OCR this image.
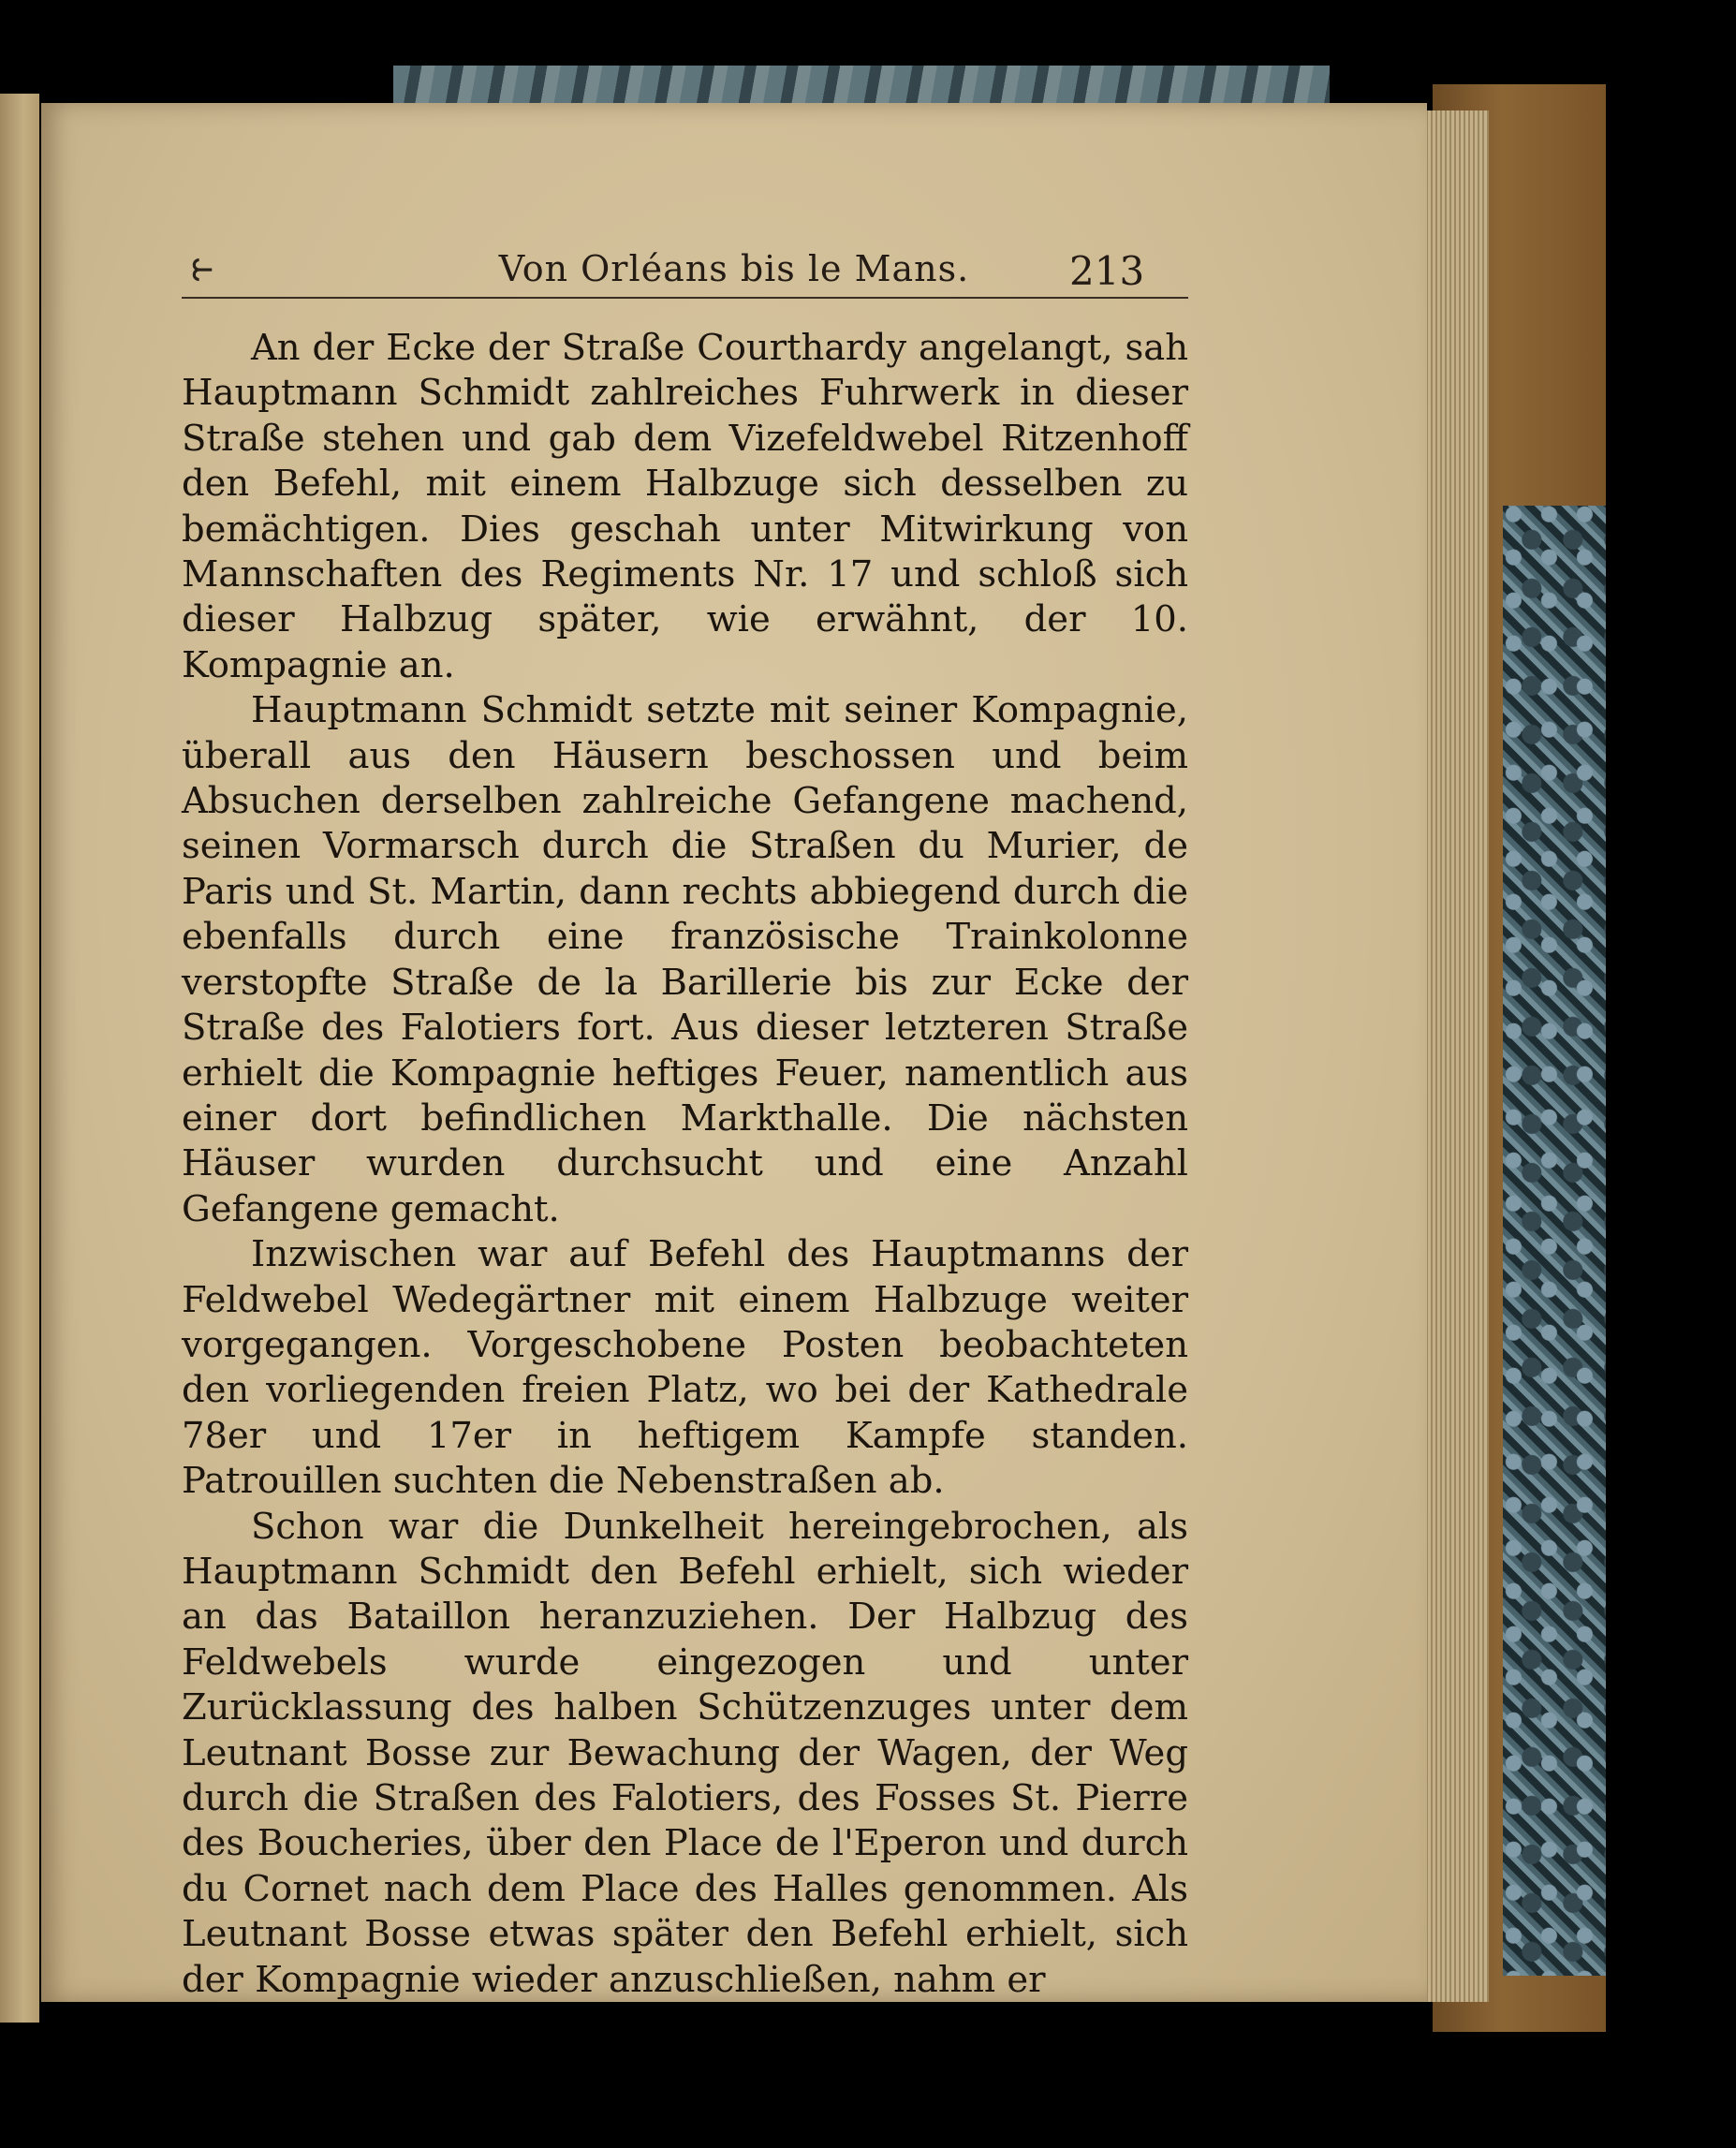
⥼	Von Orléans bis le Mans.	213

An der Ecke der Straße Courthardy angelangt, sah Hauptmann Schmidt zahlreiches Fuhrwerk in dieser Straße stehen und gab dem Vizefeldwebel Ritzenhoff den Befehl, mit einem Halbzuge sich desselben zu bemächtigen. Dies geschah unter Mitwirkung von Mannschaften des Regiments Nr. 17 und schloß sich dieser Halbzug später, wie erwähnt, der 10. Kompagnie an.

Hauptmann Schmidt setzte mit seiner Kompagnie, überall aus den Häusern beschossen und beim Absuchen derselben zahlreiche Gefangene machend, seinen Vormarsch durch die Straßen du Murier, de Paris und St. Martin, dann rechts abbiegend durch die ebenfalls durch eine französische Trainkolonne verstopfte Straße de la Barillerie bis zur Ecke der Straße des Falotiers fort. Aus dieser letzteren Straße erhielt die Kompagnie heftiges Feuer, namentlich aus einer dort befindlichen Markthalle. Die nächsten Häuser wurden durchsucht und eine Anzahl Gefangene gemacht.

Inzwischen war auf Befehl des Hauptmanns der Feldwebel Wedegärtner mit einem Halbzuge weiter vorgegangen. Vorgeschobene Posten beobachteten den vorliegenden freien Platz, wo bei der Kathedrale 78er und 17er in heftigem Kampfe standen. Patrouillen suchten die Nebenstraßen ab.

Schon war die Dunkelheit hereingebrochen, als Hauptmann Schmidt den Befehl erhielt, sich wieder an das Bataillon heranzuziehen. Der Halbzug des Feldwebels wurde eingezogen und unter Zurücklassung des halben Schützenzuges unter dem Leutnant Bosse zur Bewachung der Wagen, der Weg durch die Straßen des Falotiers, des Fosses St. Pierre des Boucheries, über den Place de l'Eperon und durch du Cornet nach dem Place des Halles genommen. Als Leutnant Bosse etwas später den Befehl erhielt, sich der Kompagnie wieder anzuschließen, nahm er
